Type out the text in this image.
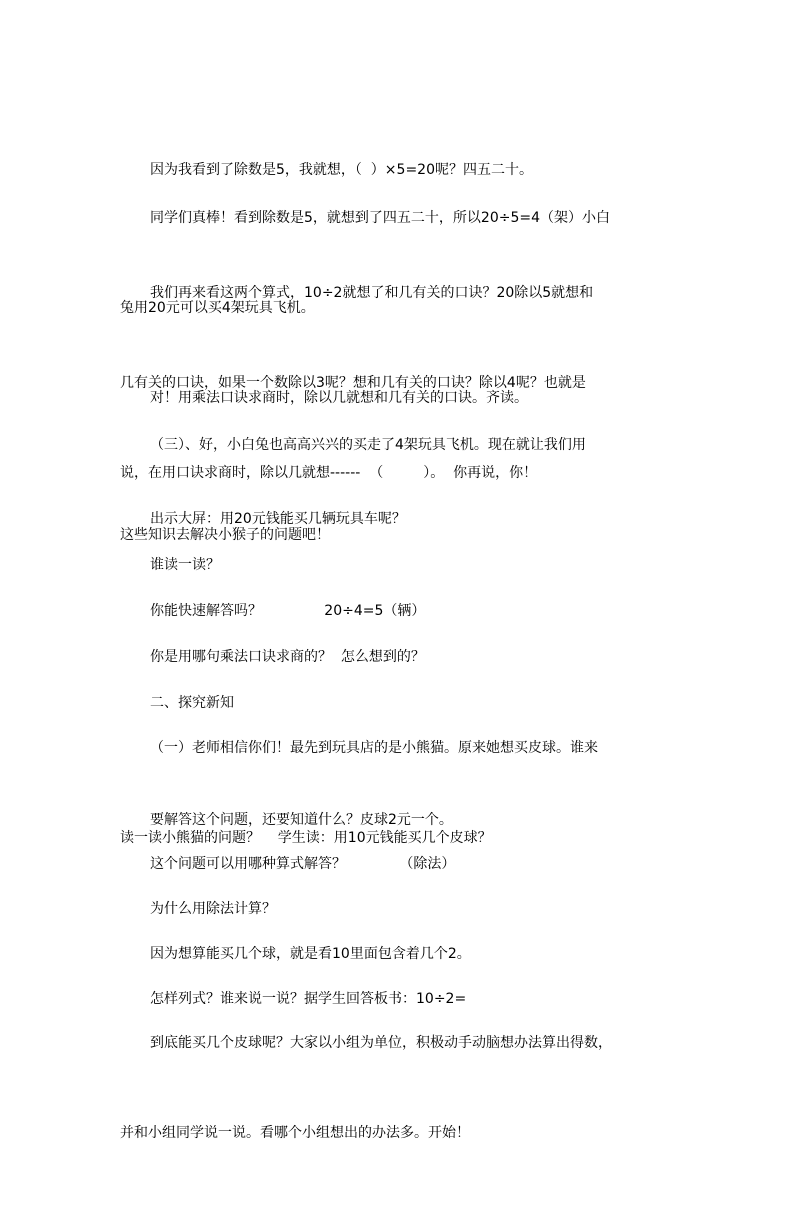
因为我看到了除数是5，我就想，（  ）×5=20呢？四五二十。

同学们真棒！看到除数是5，就想到了四五二十，所以20÷5=4（架）小白

兔用20元可以买4架玩具飞机。

我们再来看这两个算式，10÷2就想了和几有关的口诀？20除以5就想和

几有关的口诀，如果一个数除以3呢？想和几有关的口诀？除以4呢？也就是

说，在用口诀求商时，除以几就想------  （         ）。  你再说，你！

对！用乘法口诀求商时，除以几就想和几有关的口诀。齐读。

（三）、好，小白兔也高高兴兴的买走了4架玩具飞机。现在就让我们用

这些知识去解决小猴子的问题吧！

出示大屏：用20元钱能买几辆玩具车呢？

谁读一读？

你能快速解答吗？              20÷4=5（辆）

你是用哪句乘法口诀求商的？  怎么想到的？

二、探究新知

（一）老师相信你们！最先到玩具店的是小熊猫。原来她想买皮球。谁来

读一读小熊猫的问题？    学生读：用10元钱能买几个皮球？

要解答这个问题，还要知道什么？皮球2元一个。

这个问题可以用哪种算式解答？            （除法）

为什么用除法计算？

因为想算能买几个球，就是看10里面包含着几个2。

怎样列式？谁来说一说？据学生回答板书：10÷2=

到底能买几个皮球呢？大家以小组为单位，积极动手动脑想办法算出得数，

并和小组同学说一说。看哪个小组想出的办法多。开始！
